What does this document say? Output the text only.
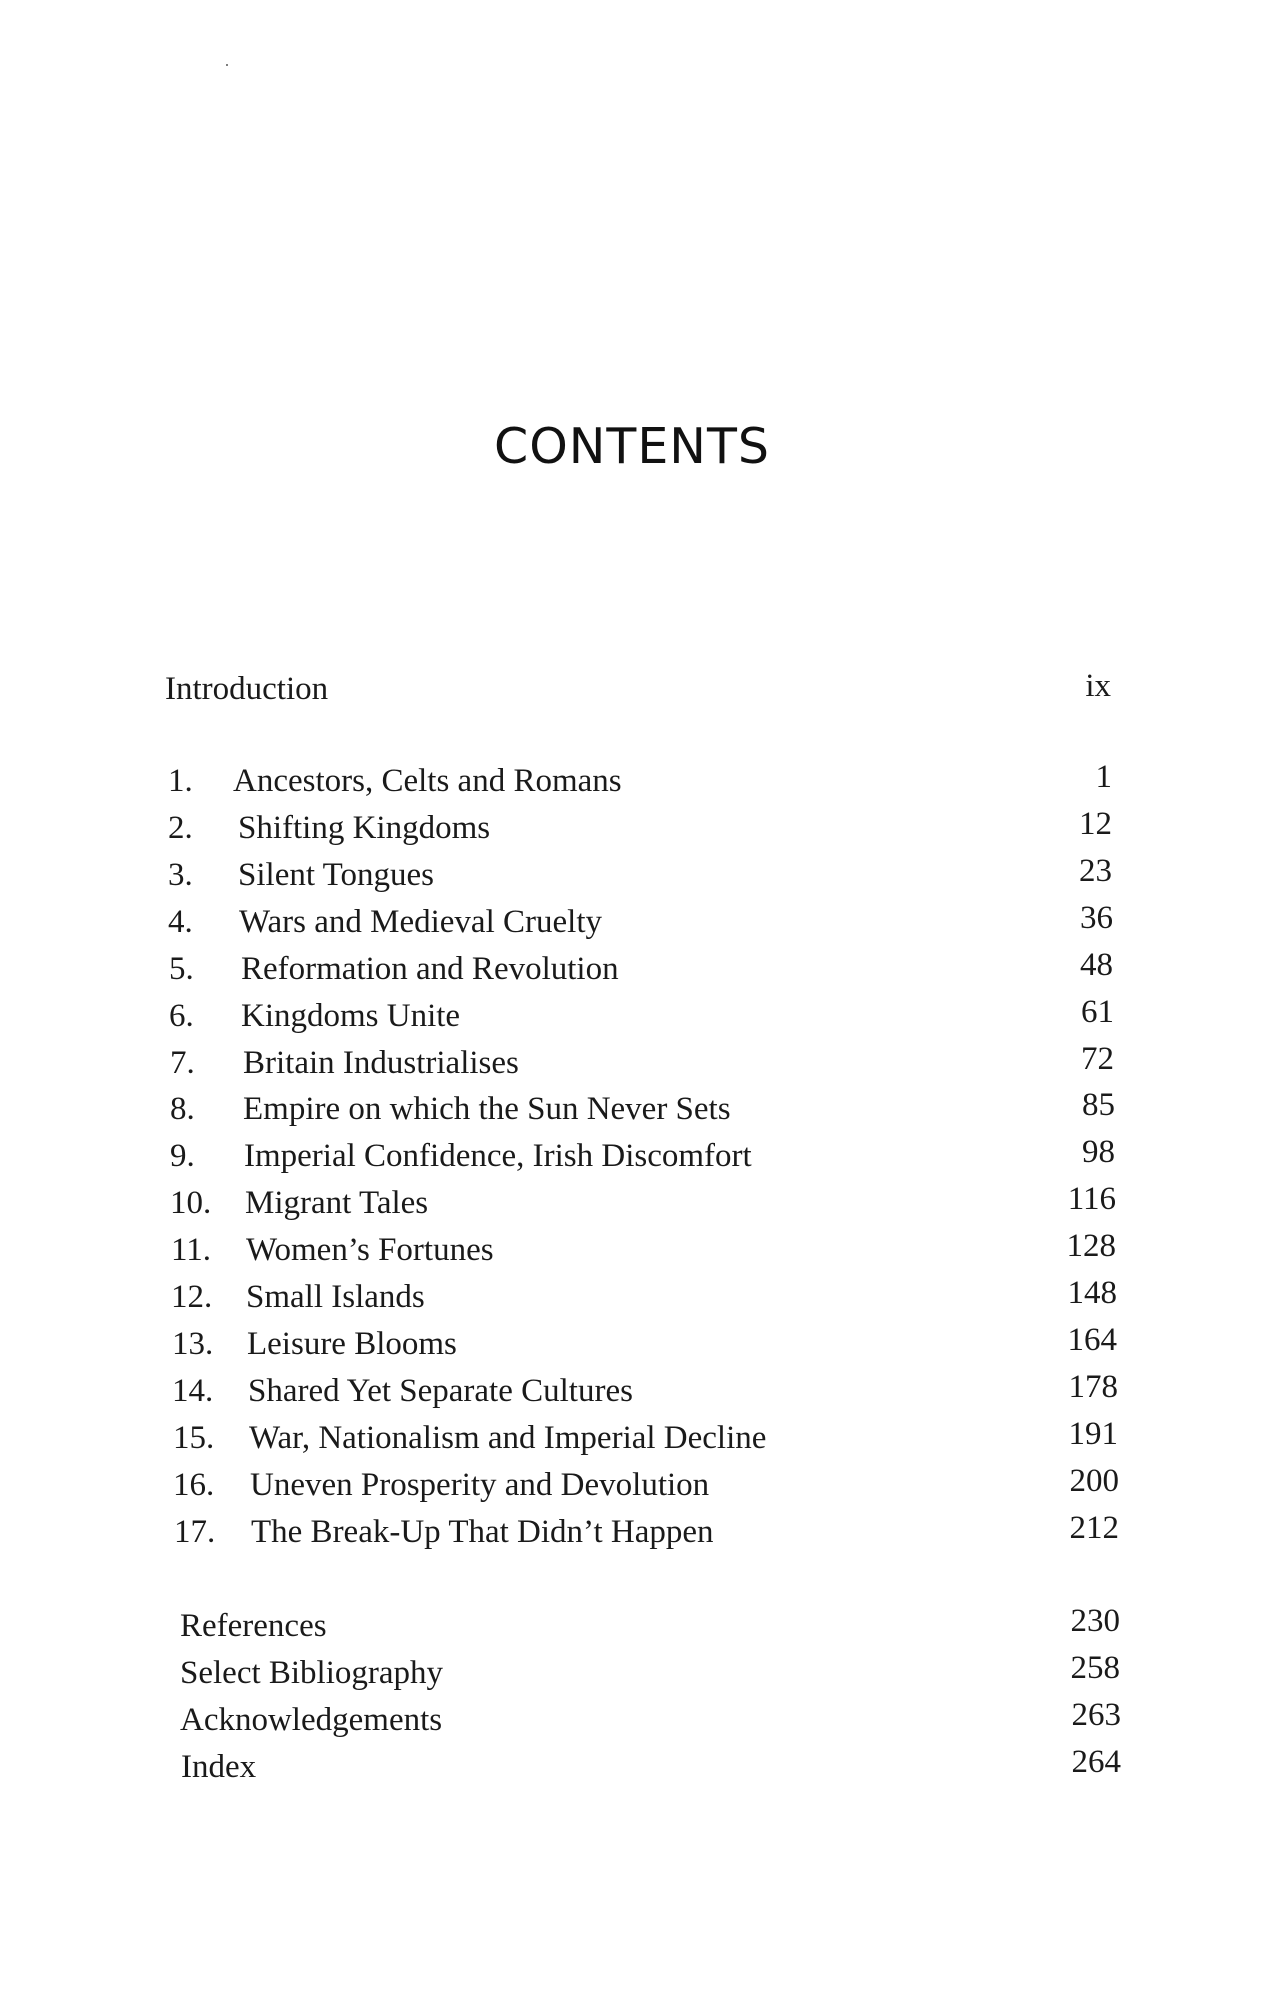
CONTENTS
Introduction	ix
1. Ancestors, Celts and Romans	1
2. Shifting Kingdoms	12
3. Silent Tongues	23
4. Wars and Medieval Cruelty	36
5. Reformation and Revolution	48
6. Kingdoms Unite	61
7. Britain Industrialises	72
8. Empire on which the Sun Never Sets	85
9. Imperial Confidence, Irish Discomfort	98
10. Migrant Tales	116
11. Women’s Fortunes	128
12. Small Islands	148
13. Leisure Blooms	164
14. Shared Yet Separate Cultures	178
15. War, Nationalism and Imperial Decline	191
16. Uneven Prosperity and Devolution	200
17. The Break-Up That Didn’t Happen	212
References	230
Select Bibliography	258
Acknowledgements	263
Index	264
